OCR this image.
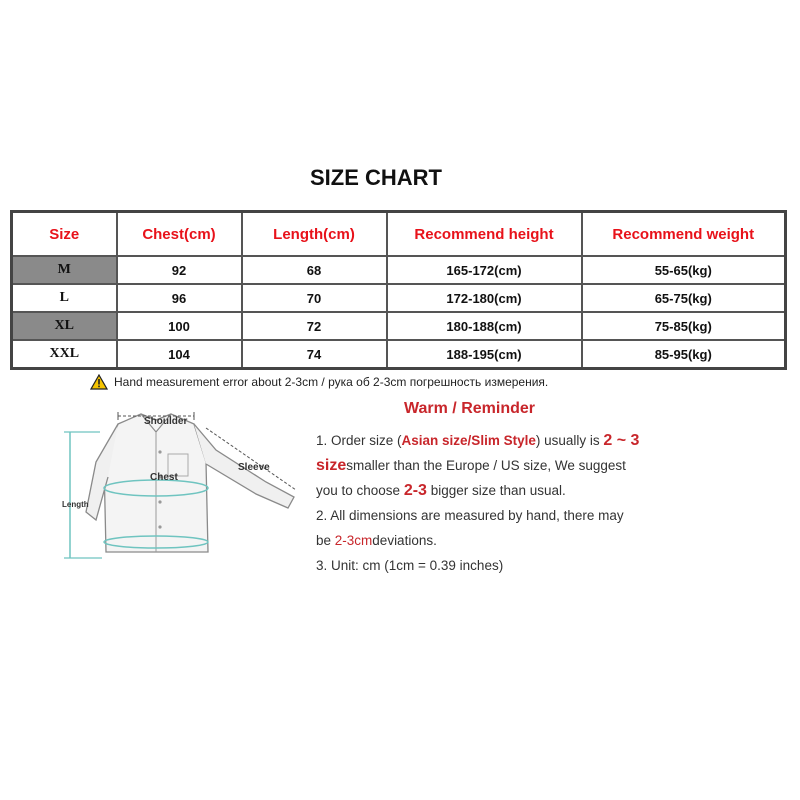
SIZE CHART
Size	Chest(cm)	Length(cm)	Recommend height	Recommend weight
M	92	68	165-172(cm)	55-65(kg)
L	96	70	172-180(cm)	65-75(kg)
XL	100	72	180-188(cm)	75-85(kg)
XXL	104	74	188-195(cm)	85-95(kg)
Hand measurement error about 2-3cm / рука об 2-3cm погрешность измерения.
Shoulder
Sleeve
Chest
Length
Warm / Reminder

1. Order size (Asian size/Slim Style) usually is 2 ~ 3

sizesmaller than the Europe / US size, We suggest

you to choose 2-3 bigger size than usual.

2. All dimensions are measured by hand, there may

be 2-3cmdeviations.

3. Unit: cm (1cm = 0.39 inches)
